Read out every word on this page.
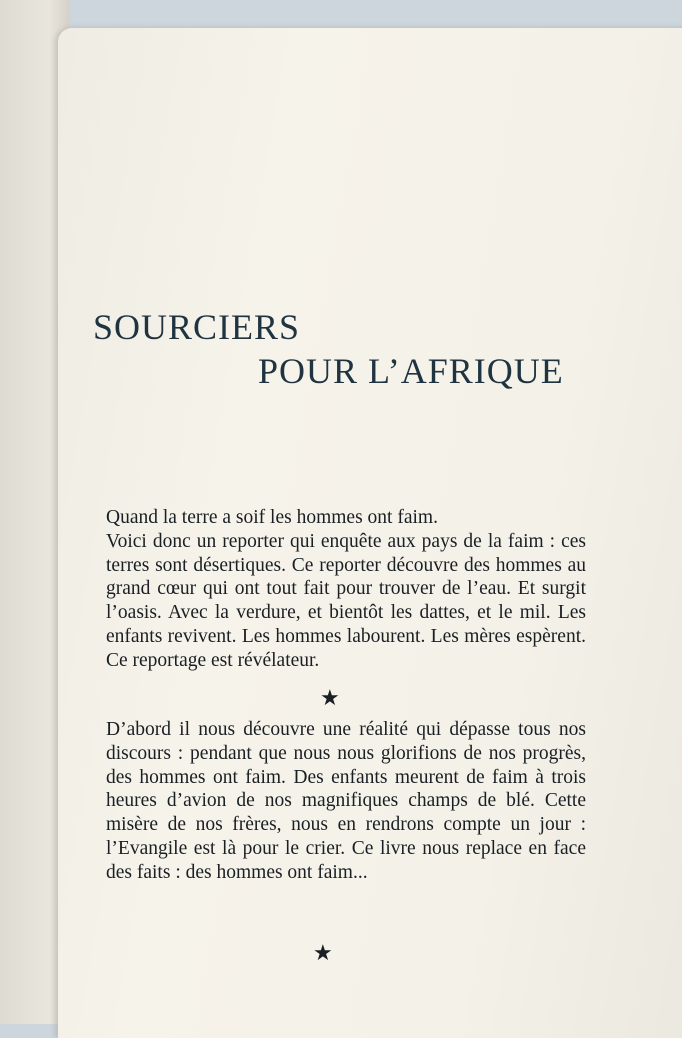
SOURCIERS
POUR L’AFRIQUE

Quand la terre a soif les hommes ont faim.

Voici donc un reporter qui enquête aux pays de la faim : ces terres sont désertiques. Ce reporter découvre des hommes au grand cœur qui ont tout fait pour trouver de l’eau. Et surgit l’oasis. Avec la verdure, et bientôt les dattes, et le mil. Les enfants revivent. Les hommes labourent. Les mères espèrent. Ce reportage est révélateur.

★

D’abord il nous découvre une réalité qui dépasse tous nos discours : pendant que nous nous glorifions de nos progrès, des hommes ont faim. Des enfants meurent de faim à trois heures d’avion de nos magnifiques champs de blé. Cette misère de nos frères, nous en rendrons compte un jour : l’Evangile est là pour le crier. Ce livre nous replace en face des faits : des hommes ont faim...

★
